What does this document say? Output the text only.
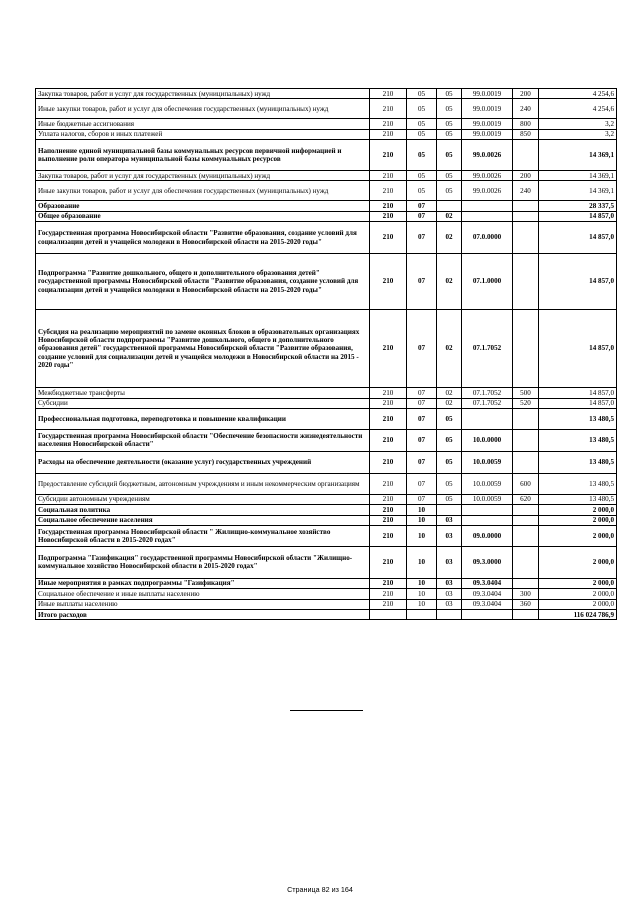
Закупка товаров, работ и услуг для государственных (муниципальных) нужд	210	05	05	99.0.0019	200	4 254,6
Иные закупки товаров, работ и услуг для обеспечения государственных (муниципальных) нужд	210	05	05	99.0.0019	240	4 254,6
Иные бюджетные ассигнования	210	05	05	99.0.0019	800	3,2
Уплата налогов, сборов и иных платежей	210	05	05	99.0.0019	850	3,2
Наполнение единой муниципальной базы коммунальных ресурсов первичной информацией и выполнение роли оператора муниципальной базы коммунальных ресурсов	210	05	05	99.0.0026		14 369,1
Закупка товаров, работ и услуг для государственных (муниципальных) нужд	210	05	05	99.0.0026	200	14 369,1
Иные закупки товаров, работ и услуг для обеспечения государственных (муниципальных) нужд	210	05	05	99.0.0026	240	14 369,1
Образование	210	07				28 337,5
Общее образование	210	07	02			14 857,0
Государственная программа Новосибирской области "Развитие образования, создание условий для социализации детей и учащейся молодежи в Новосибирской области на 2015-2020 годы"	210	07	02	07.0.0000		14 857,0
Подпрограмма "Развитие дошкольного, общего и дополнительного образования детей" государственной программы Новосибирской области "Развитие образования, создание условий для социализации детей и учащейся молодежи в Новосибирской области на 2015-2020 годы"	210	07	02	07.1.0000		14 857,0
Субсидия на реализацию мероприятий по замене оконных блоков в образовательных организациях Новосибирской области подпрограммы "Развитие дошкольного, общего и дополнительного образования детей" государственной программы Новосибирской области "Развитие образования, создание условий для социализации детей и учащейся молодежи в Новосибирской области на 2015 - 2020 годы"	210	07	02	07.1.7052		14 857,0
Межбюджетные трансферты	210	07	02	07.1.7052	500	14 857,0
Субсидии	210	07	02	07.1.7052	520	14 857,0
Профессиональная подготовка, переподготовка и повышение квалификации	210	07	05			13 480,5
Государственная программа Новосибирской области "Обеспечение безопасности жизнедеятельности населения Новосибирской области"	210	07	05	10.0.0000		13 480,5
Расходы на обеспечение деятельности (оказание услуг) государственных учреждений	210	07	05	10.0.0059		13 480,5
Предоставление субсидий бюджетным, автономным учреждениям и иным некоммерческим организациям	210	07	05	10.0.0059	600	13 480,5
Субсидии автономным учреждениям	210	07	05	10.0.0059	620	13 480,5
Социальная политика	210	10				2 000,0
Социальное обеспечение населения	210	10	03			2 000,0
Государственная программа Новосибирской области " Жилищно-коммунальное хозяйство Новосибирской области в 2015-2020 годах"	210	10	03	09.0.0000		2 000,0
Подпрограмма "Газификация" государственной программы Новосибирской области "Жилищно-коммунальное хозяйство Новосибирской области в 2015-2020 годах"	210	10	03	09.3.0000		2 000,0
Иные мероприятия в рамках подпрограммы "Газификация"	210	10	03	09.3.0404		2 000,0
Социальное обеспечение и иные выплаты населению	210	10	03	09.3.0404	300	2 000,0
Иные выплаты населению	210	10	03	09.3.0404	360	2 000,0
Итого расходов						116 024 786,9
Страница 82 из 164
